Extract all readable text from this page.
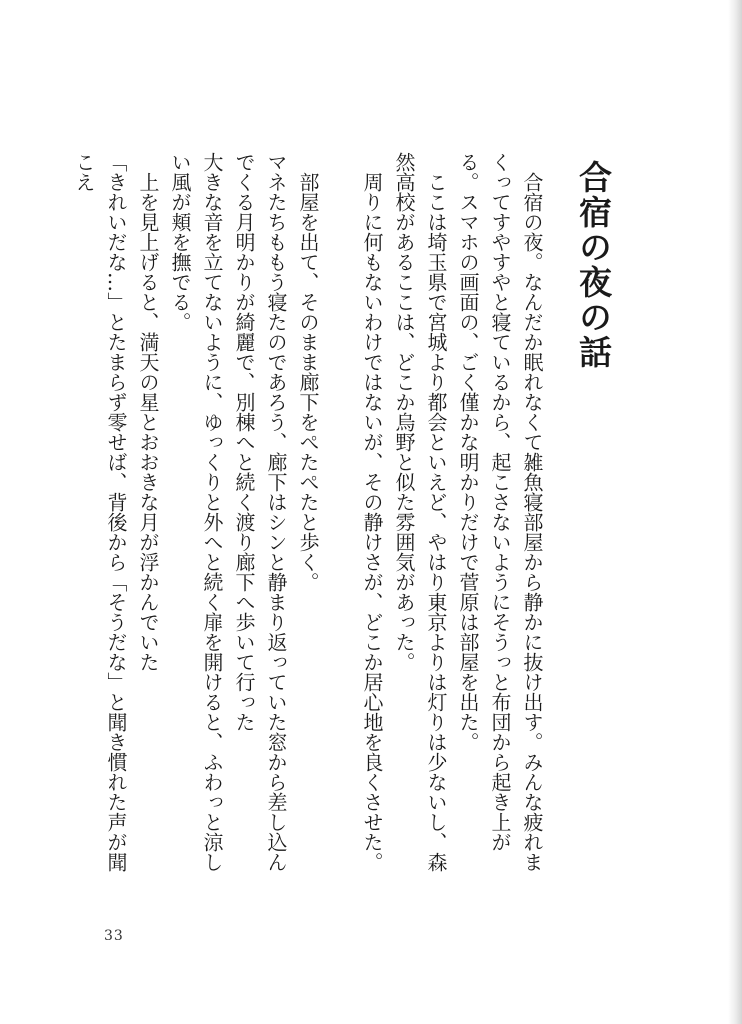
合宿の夜の話

合宿の夜。なんだか眠れなくて雑魚寝部屋から静かに抜け出す。みんな疲れまくってすやすやと寝ているから、起こさないようにそうっと布団から起き上がる。スマホの画面の、ごく僅かな明かりだけで菅原は部屋を出た。

ここは埼玉県で宮城より都会といえど、やはり東京よりは灯りは少ないし、森然高校があるここは、どこか烏野と似た雰囲気があった。

周りに何もないわけではないが、その静けさが、どこか居心地を良くさせた。

部屋を出て、そのまま廊下をぺたぺたと歩く。

マネたちももう寝たのであろう、廊下はシンと静まり返っていた窓から差し込んでくる月明かりが綺麗で、別棟へと続く渡り廊下へ歩いて行った

大きな音を立てないように、ゆっくりと外へと続く扉を開けると、ふわっと涼しい風が頬を撫でる。

上を見上げると、満天の星とおおきな月が浮かんでいた

「きれいだな…」とたまらず零せば、背後から「そうだな」と聞き慣れた声が聞こえ

33
